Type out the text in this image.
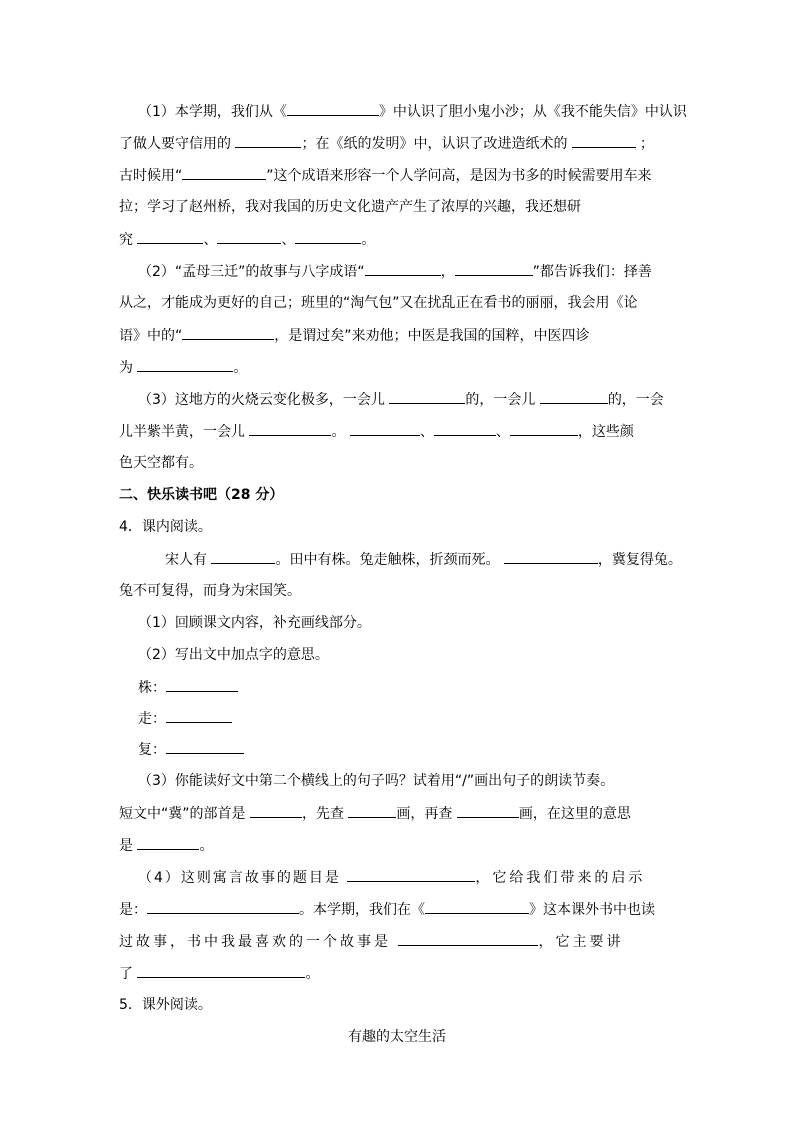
（1）本学期，我们从《	》中认识了胆小鬼小沙；从《我不能失信》中认识
了做人要守信用的	；在《纸的发明》中，认识了改进造纸术的	；
古时候用“	”这个成语来形容一个人学问高，是因为书多的时候需要用车来
拉；学习了赵州桥，我对我国的历史文化遗产产生了浓厚的兴趣，我还想研
究	、	、	。
（2）“孟母三迁”的故事与八字成语“	，	”都告诉我们：择善
从之，才能成为更好的自己；班里的“淘气包”又在扰乱正在看书的丽丽，我会用《论
语》中的“	，是谓过矣”来劝他；中医是我国的国粹，中医四诊
为	。
（3）这地方的火烧云变化极多，一会儿	的，一会儿	的，一会
儿半紫半黄，一会儿	。	、	、	，这些颜
色天空都有。
二、快乐读书吧（28 分）
4．课内阅读。
宋人有	。田中有株。兔走触株，折颈而死。	，冀复得兔。
兔不可复得，而身为宋国笑。
（1）回顾课文内容，补充画线部分。
（2）写出文中加点字的意思。
株：
走：
复：
（3）你能读好文中第二个横线上的句子吗？试着用“/”画出句子的朗读节奏。
短文中“冀”的部首是	，先查	画，再查	画，在这里的意思
是	。
（4）这则寓言故事的题目是	，它给我们带来的启示
是：	。本学期，我们在《	》这本课外书中也读
过故事，书中我最喜欢的一个故事是	，它主要讲
了	。
5．课外阅读。
有趣的太空生活
